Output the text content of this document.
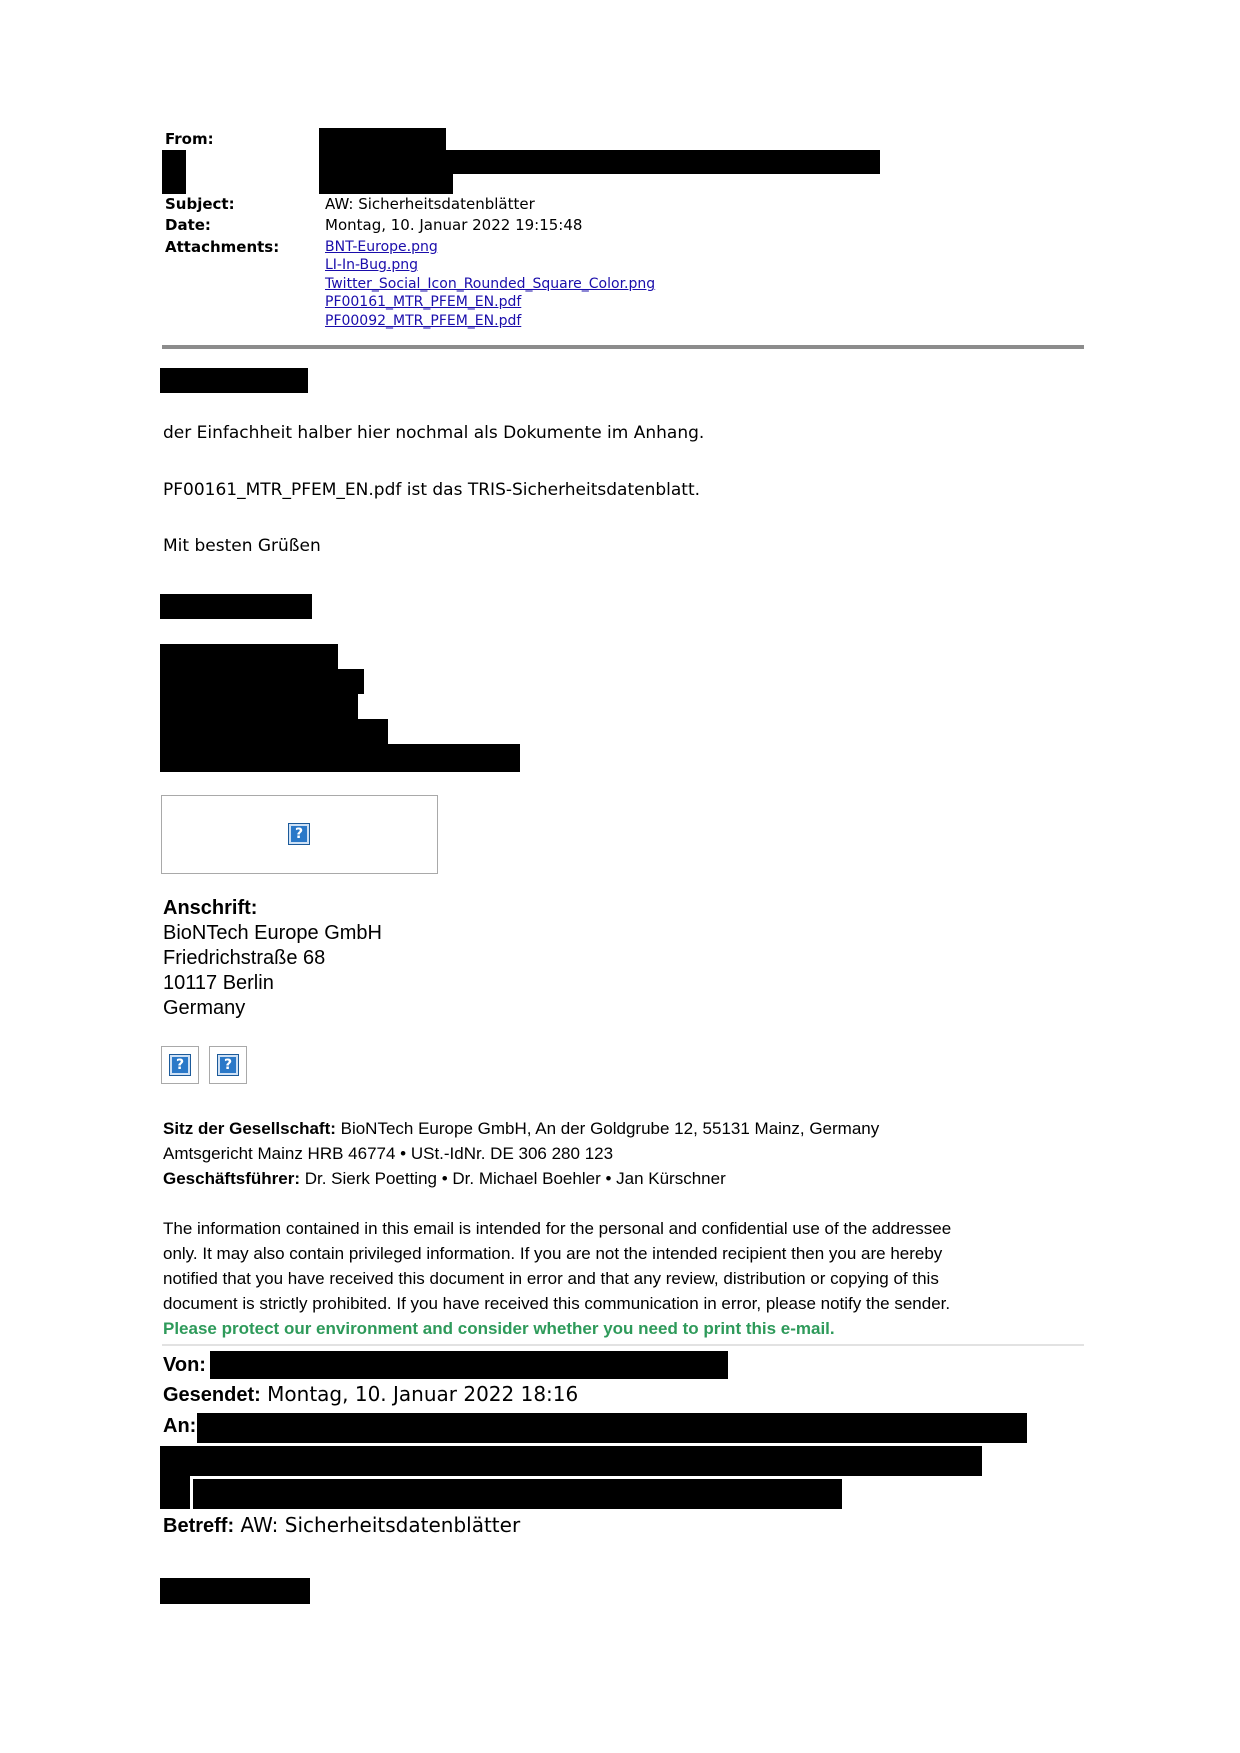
From:
Subject:	AW: Sicherheitsdatenblätter
Date:	Montag, 10. Januar 2022 19:15:48
Attachments:	BNT-Europe.png
LI-In-Bug.png
Twitter_Social_Icon_Rounded_Square_Color.png
PF00161_MTR_PFEM_EN.pdf
PF00092_MTR_PFEM_EN.pdf
der Einfachheit halber hier nochmal als Dokumente im Anhang.
PF00161_MTR_PFEM_EN.pdf ist das TRIS-Sicherheitsdatenblatt.
Mit besten Grüßen
?
Anschrift:
BioNTech Europe GmbH
Friedrichstraße 68
10117 Berlin
Germany
?	?
Sitz der Gesellschaft: BioNTech Europe GmbH, An der Goldgrube 12, 55131 Mainz, Germany
Amtsgericht Mainz HRB 46774 • USt.-IdNr. DE 306 280 123
Geschäftsführer: Dr. Sierk Poetting • Dr. Michael Boehler • Jan Kürschner
The information contained in this email is intended for the personal and confidential use of the addressee
only. It may also contain privileged information. If you are not the intended recipient then you are hereby
notified that you have received this document in error and that any review, distribution or copying of this
document is strictly prohibited. If you have received this communication in error, please notify the sender.
Please protect our environment and consider whether you need to print this e-mail.
Von:
Gesendet: Montag, 10. Januar 2022 18:16
An:
Betreff: AW: Sicherheitsdatenblätter
